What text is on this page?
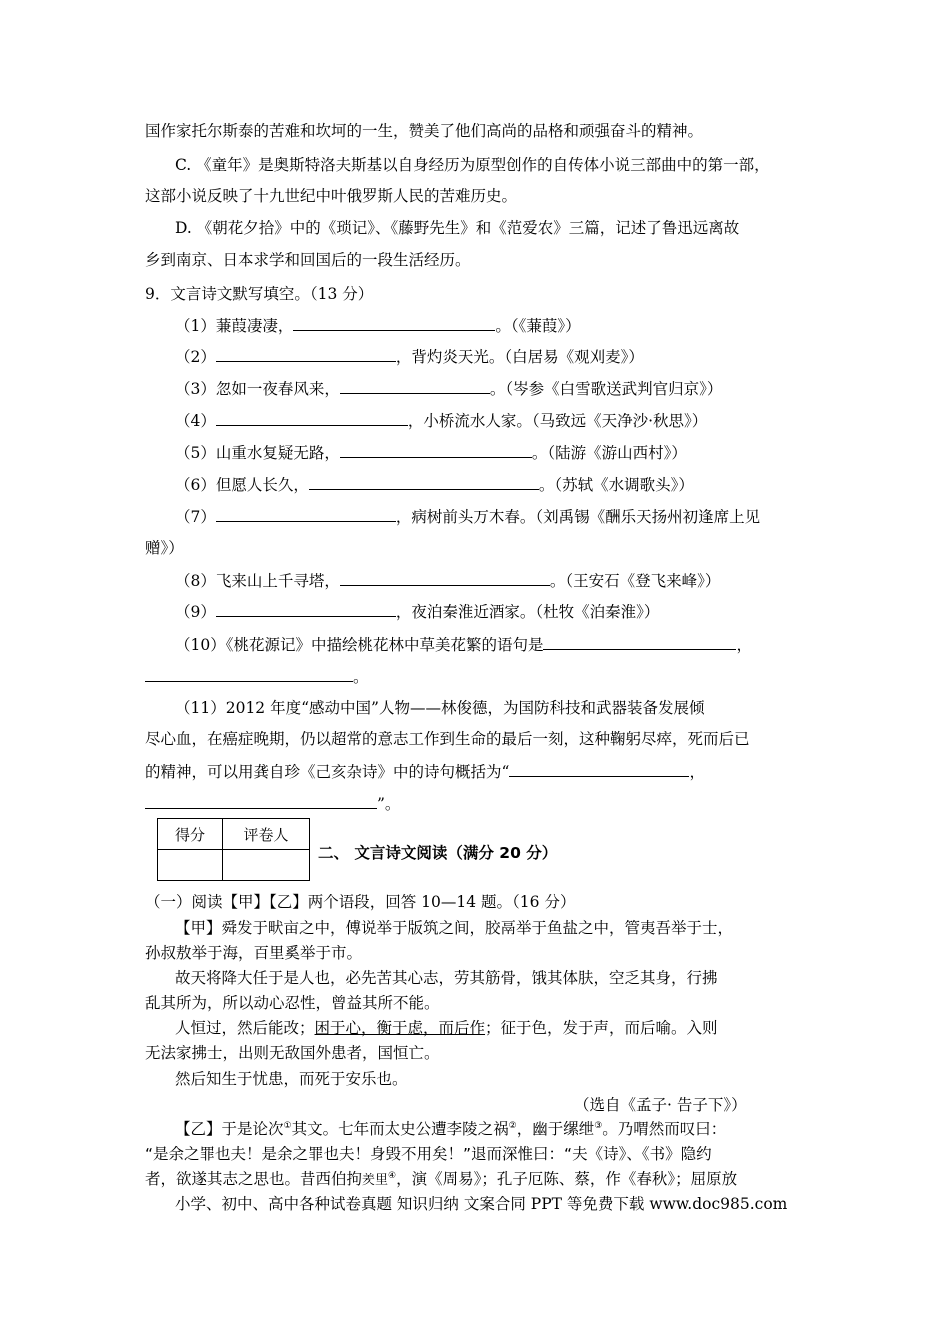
国作家托尔斯泰的苦难和坎坷的一生，赞美了他们高尚的品格和顽强奋斗的精神。
C. 《童年》是奥斯特洛夫斯基以自身经历为原型创作的自传体小说三部曲中的第一部，
这部小说反映了十九世纪中叶俄罗斯人民的苦难历史。
D. 《朝花夕拾》中的《琐记》、《藤野先生》和《范爱农》三篇，记述了鲁迅远离故
乡到南京、日本求学和回国后的一段生活经历。
9．文言诗文默写填空。（13 分）
（1）蒹葭凄凄，	。（《蒹葭》）
（2）	，背灼炎天光。（白居易《观刈麦》）
（3）忽如一夜春风来，	。（岑参《白雪歌送武判官归京》）
（4）	，小桥流水人家。（马致远《天净沙·秋思》）
（5）山重水复疑无路，	。（陆游《游山西村》）
（6）但愿人长久，	。（苏轼《水调歌头》）
（7）	，病树前头万木春。（刘禹锡《酬乐天扬州初逢席上见
赠》）
（8）飞来山上千寻塔，	。（王安石《登飞来峰》）
（9）	，夜泊秦淮近酒家。（杜牧《泊秦淮》）
（10）《桃花源记》中描绘桃花林中草美花繁的语句是	，
。
（11）2012 年度“感动中国”人物——林俊德，为国防科技和武器装备发展倾
尽心血，在癌症晚期，仍以超常的意志工作到生命的最后一刻，这种鞠躬尽瘁，死而后已
的精神，可以用龚自珍《己亥杂诗》中的诗句概括为“	，
”。
得分	评卷人

二、 文言诗文阅读（满分 20 分）
（一）阅读【甲】【乙】两个语段，回答 10—14 题。（16 分）
【甲】舜发于畎亩之中，傅说举于版筑之间，胶鬲举于鱼盐之中，管夷吾举于士，
孙叔敖举于海，百里奚举于市。
故天将降大任于是人也，必先苦其心志，劳其筋骨，饿其体肤，空乏其身，行拂
乱其所为，所以动心忍性，曾益其所不能。
人恒过，然后能改；困于心，衡于虑，而后作；征于色，发于声，而后喻。入则
无法家拂士，出则无敌国外患者，国恒亡。
然后知生于忧患，而死于安乐也。
（选自《孟子· 告子下》）
【乙】于是论次①其文。七年而太史公遭李陵之祸②，幽于缧绁③。乃喟然而叹曰：
“是余之罪也夫！是余之罪也夫！身毁不用矣！”退而深惟曰：“夫《诗》、《书》隐约
者，欲遂其志之思也。昔西伯拘羑里④，演《周易》；孔子厄陈、蔡，作《春秋》；屈原放
小学、初中、高中各种试卷真题 知识归纳 文案合同 PPT 等免费下载 www.doc985.com
